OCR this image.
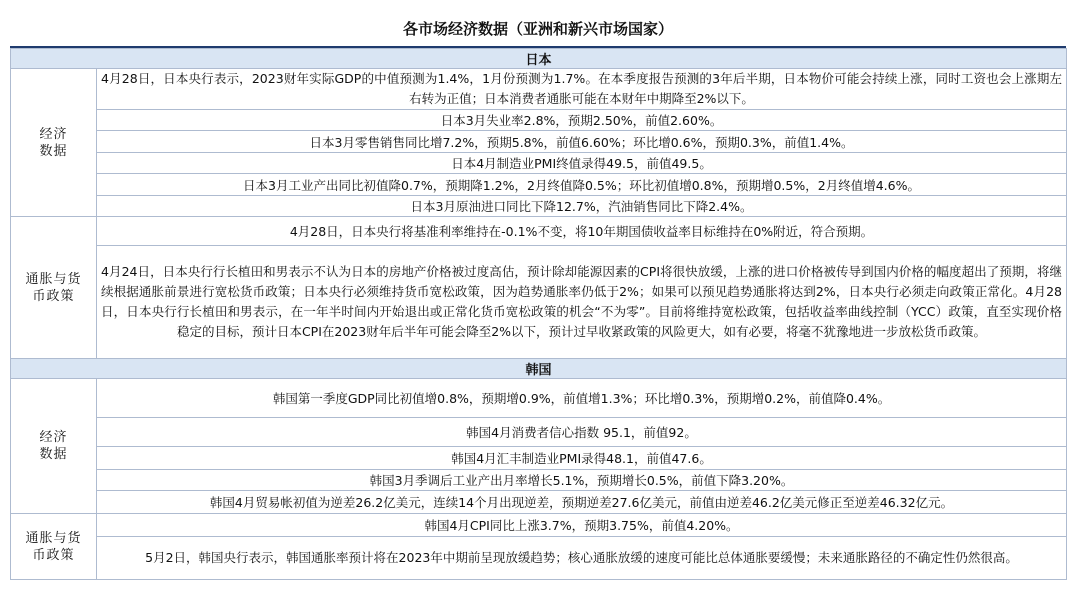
各市场经济数据（亚洲和新兴市场国家）
日本	

经济
数据	4月28日，日本央行表示，2023财年实际GDP的中值预测为1.4%，1月份预测为1.7%。在本季度报告预测的3年后半期，日本物价可能会持续上涨，同时工资也会上涨期左右转为正值；日本消费者通胀可能在本财年中期降至2%以下。
	日本3月失业率2.8%，预期2.50%，前值2.60%。
	日本3月零售销售同比增7.2%，预期5.8%，前值6.60%；环比增0.6%，预期0.3%，前值1.4%。
	日本4月制造业PMI终值录得49.5，前值49.5。
	日本3月工业产出同比初值降0.7%，预期降1.2%，2月终值降0.5%；环比初值增0.8%，预期增0.5%，2月终值增4.6%。
	日本3月原油进口同比下降12.7%，汽油销售同比下降2.4%。

通胀与货
币政策	4月28日，日本央行将基准利率维持在-0.1%不变，将10年期国债收益率目标维持在0%附近，符合预期。
	4月24日，日本央行行长植田和男表示不认为日本的房地产价格被过度高估，预计除却能源因素的CPI将很快放缓，上涨的进口价格被传导到国内价格的幅度超出了预期，将继续根据通胀前景进行宽松货币政策；日本央行必须维持货币宽松政策，因为趋势通胀率仍低于2%；如果可以预见趋势通胀将达到2%，日本央行必须走向政策正常化。4月28日，日本央行行长植田和男表示，在一年半时间内开始退出或正常化货币宽松政策的机会“不为零”。目前将维持宽松政策，包括收益率曲线控制（YCC）政策，直至实现价格稳定的目标，预计日本CPI在2023财年后半年可能会降至2%以下，预计过早收紧政策的风险更大，如有必要，将毫不犹豫地进一步放松货币政策。
韩国	

经济
数据	韩国第一季度GDP同比初值增0.8%，预期增0.9%，前值增1.3%；环比增0.3%，预期增0.2%，前值降0.4%。
	韩国4月消费者信心指数 95.1，前值92。
	韩国4月汇丰制造业PMI录得48.1，前值47.6。
	韩国3月季调后工业产出月率增长5.1%，预期增长0.5%，前值下降3.20%。
	韩国4月贸易帐初值为逆差26.2亿美元，连续14个月出现逆差，预期逆差27.6亿美元，前值由逆差46.2亿美元修正至逆差46.32亿元。

通胀与货
币政策	韩国4月CPI同比上涨3.7%，预期3.75%，前值4.20%。
	5月2日，韩国央行表示，韩国通胀率预计将在2023年中期前呈现放缓趋势；核心通胀放缓的速度可能比总体通胀要缓慢；未来通胀路径的不确定性仍然很高。
